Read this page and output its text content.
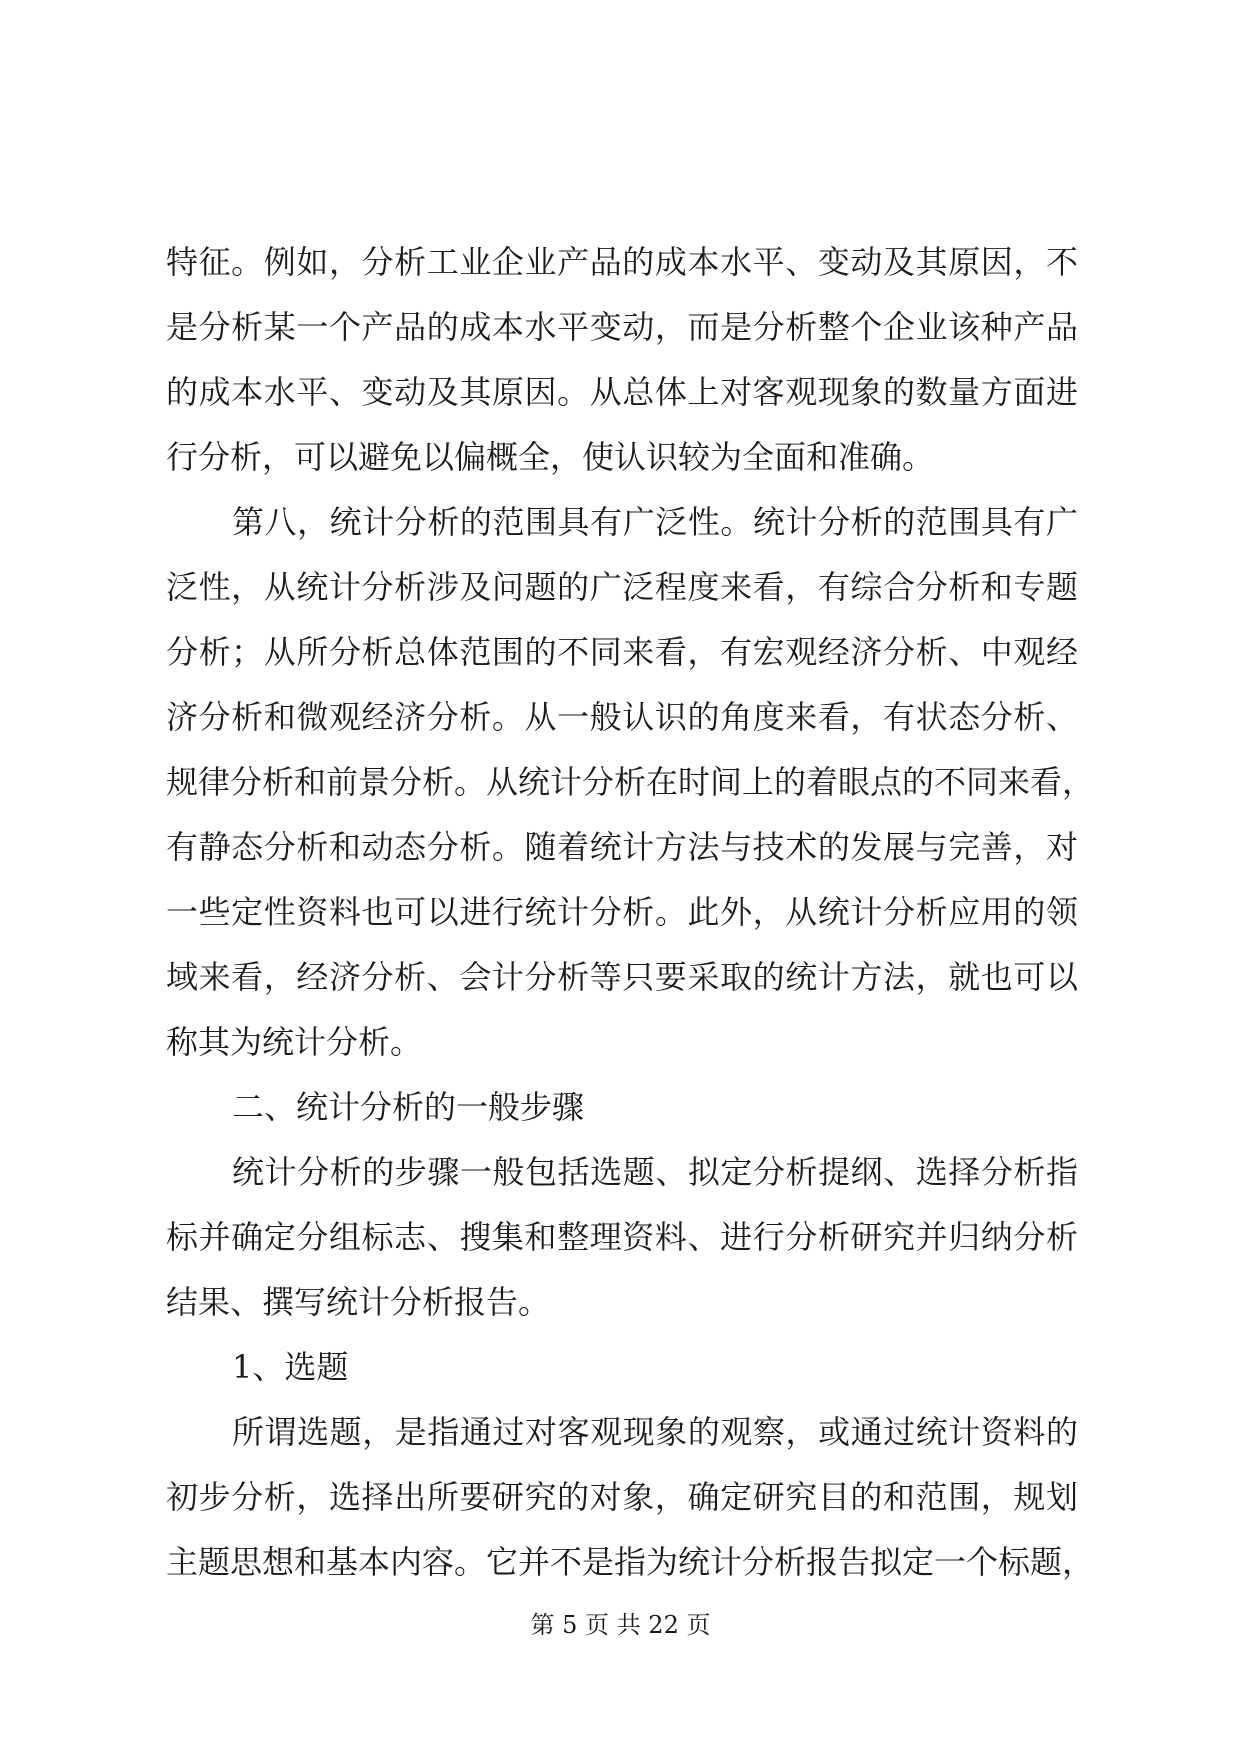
特征。例如，分析工业企业产品的成本水平、变动及其原因，不
是分析某一个产品的成本水平变动，而是分析整个企业该种产品
的成本水平、变动及其原因。从总体上对客观现象的数量方面进
行分析，可以避免以偏概全，使认识较为全面和准确。
第八，统计分析的范围具有广泛性。统计分析的范围具有广
泛性，从统计分析涉及问题的广泛程度来看，有综合分析和专题
分析；从所分析总体范围的不同来看，有宏观经济分析、中观经
济分析和微观经济分析。从一般认识的角度来看，有状态分析、
规律分析和前景分析。从统计分析在时间上的着眼点的不同来看，
有静态分析和动态分析。随着统计方法与技术的发展与完善，对
一些定性资料也可以进行统计分析。此外，从统计分析应用的领
域来看，经济分析、会计分析等只要采取的统计方法，就也可以
称其为统计分析。
二、统计分析的一般步骤
统计分析的步骤一般包括选题、拟定分析提纲、选择分析指
标并确定分组标志、搜集和整理资料、进行分析研究并归纳分析
结果、撰写统计分析报告。
1、选题
所谓选题，是指通过对客观现象的观察，或通过统计资料的
初步分析，选择出所要研究的对象，确定研究目的和范围，规划
主题思想和基本内容。它并不是指为统计分析报告拟定一个标题，
第 5 页 共 22 页
